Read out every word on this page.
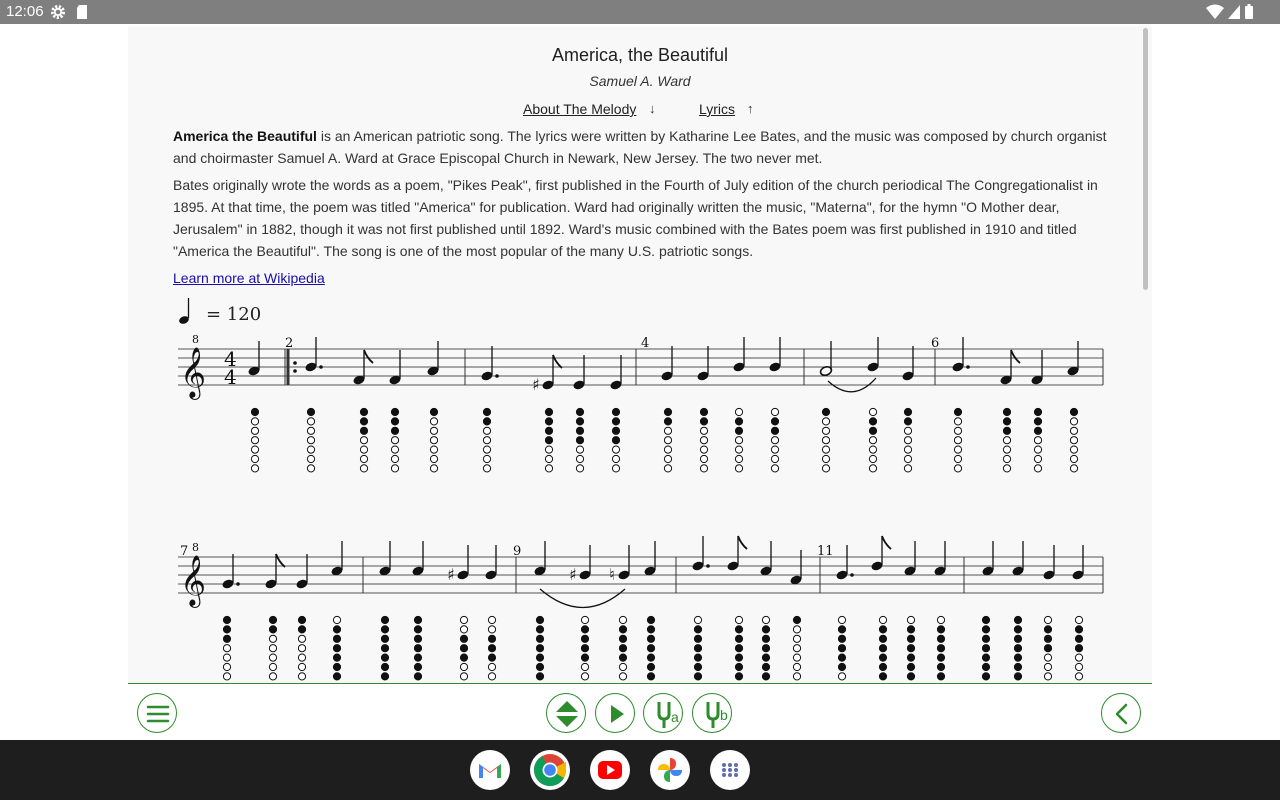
12:06
America, the Beautiful
Samuel A. Ward
About The Melody ↓	Lyrics ↑

America the Beautiful is an American patriotic song. The lyrics were written by Katharine Lee Bates, and the music was composed by church organist and choirmaster Samuel A. Ward at Grace Episcopal Church in Newark, New Jersey. The two never met.

Bates originally wrote the words as a poem, "Pikes Peak", first published in the Fourth of July edition of the church periodical The Congregationalist in 1895. At that time, the poem was titled "America" for publication. Ward had originally written the music, "Materna", for the hymn "O Mother dear, Jerusalem" in 1882, though it was not first published until 1892. Ward's music combined with the Bates poem was first published in 1910 and titled "America the Beautiful". The song is one of the most popular of the many U.S. patriotic songs.

Learn more at Wikipedia
= 120
𝄞
8
𝄞
8
4
4
2	4	6
7	9	11
♯
♯	♯ ♮
a	b
